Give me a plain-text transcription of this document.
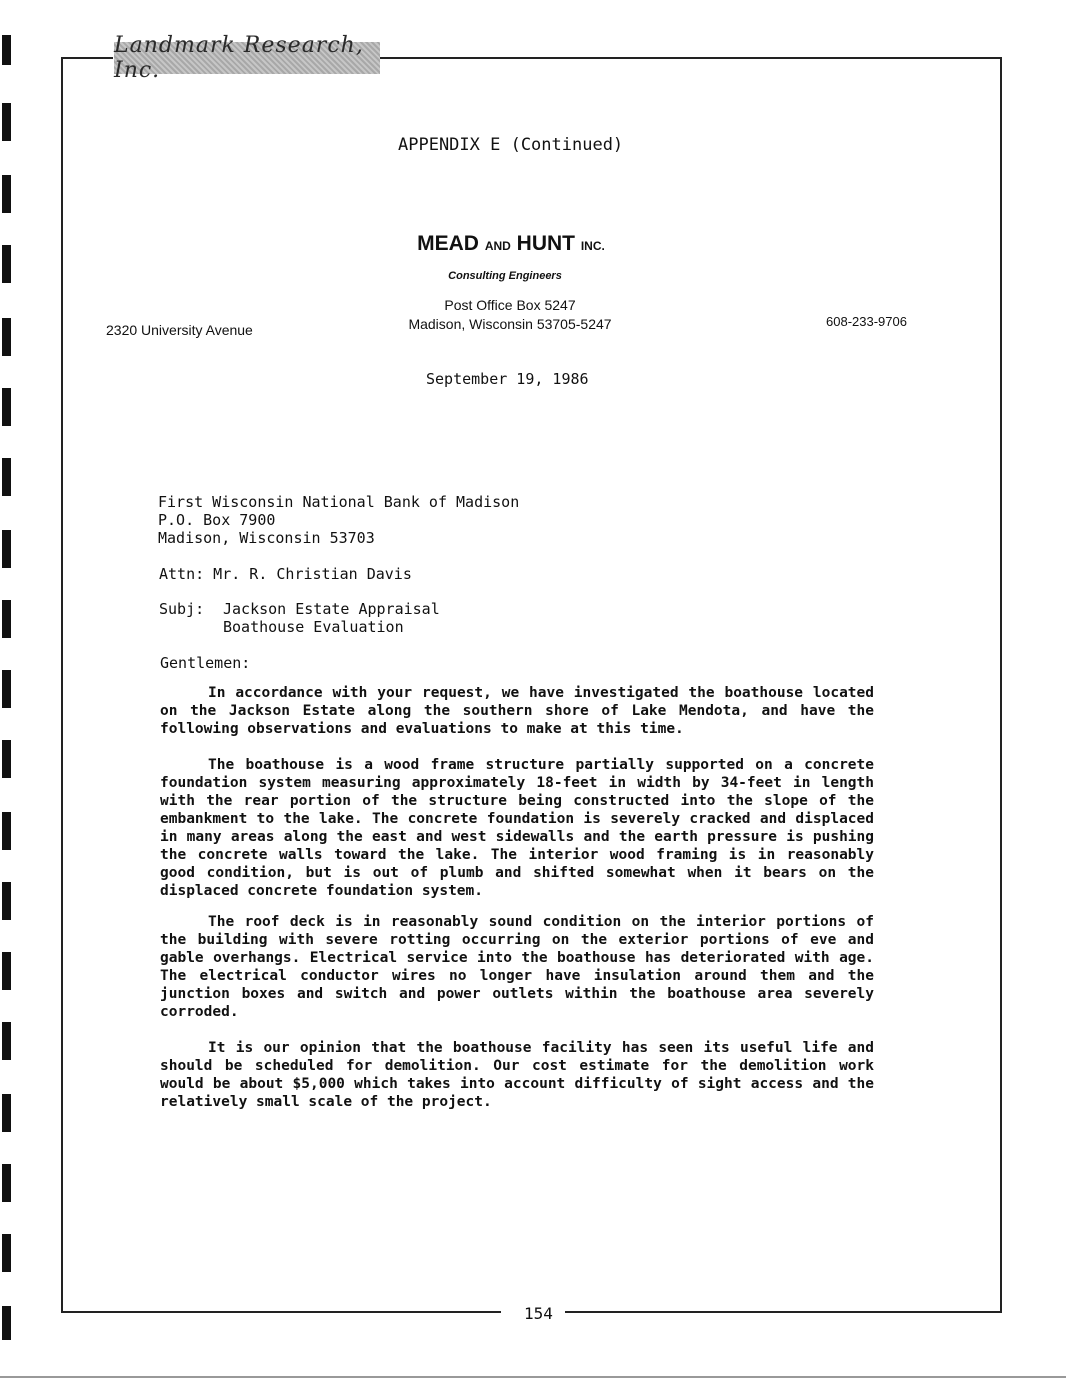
Landmark Research, Inc.
APPENDIX E (Continued)
MEAD AND HUNT INC.
Consulting Engineers
Post Office Box 5247
Madison, Wisconsin 53705-5247
2320 University Avenue
608-233-9706
September 19, 1986
First Wisconsin National Bank of Madison
P.O. Box 7900
Madison, Wisconsin 53703
Attn: Mr. R. Christian Davis
Subj: Jackson Estate Appraisal
Boathouse Evaluation
Gentlemen:

In accordance with your request, we have investigated the boathouse located on the Jackson Estate along the southern shore of Lake Mendota, and have the following observations and evaluations to make at this time.

The boathouse is a wood frame structure partially supported on a concrete foundation system measuring approximately 18-feet in width by 34-feet in length with the rear portion of the structure being constructed into the slope of the embankment to the lake. The concrete foundation is severely cracked and displaced in many areas along the east and west sidewalls and the earth pressure is pushing the concrete walls toward the lake. The interior wood framing is in reasonably good condition, but is out of plumb and shifted somewhat when it bears on the displaced concrete foundation system.

The roof deck is in reasonably sound condition on the interior portions of the building with severe rotting occurring on the exterior portions of eve and gable overhangs. Electrical service into the boathouse has deteriorated with age. The electrical conductor wires no longer have insulation around them and the junction boxes and switch and power outlets within the boathouse area severely corroded.

It is our opinion that the boathouse facility has seen its useful life and should be scheduled for demolition. Our cost estimate for the demolition work would be about $5,000 which takes into account difficulty of sight access and the relatively small scale of the project.

154
